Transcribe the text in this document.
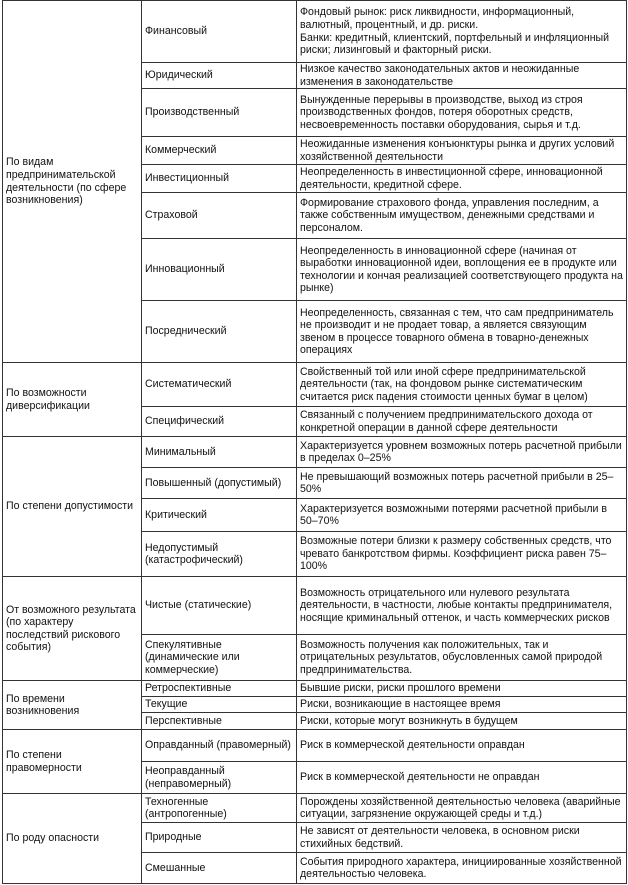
По видам предпринимательской деятельности (по сфере возникновения)	Финансовый	Фондовый рынок: риск ликвидности, информационный, валютный, процентный, и др. риски.
Банки: кредитный, клиентский, портфельный и инфляционный риски; лизинговый и факторный риски.

	Юридический	Низкое качество законодательных актов и неожиданные изменения в законодательстве
	Производственный	Вынужденные перерывы в производстве, выход из строя производственных фондов, потеря оборотных средств, несвоевременность поставки оборудования, сырья и т.д.
	Коммерческий	Неожиданные изменения конъюнктуры рынка и других условий хозяйственной деятельности
	Инвестиционный	Неопределенность в инвестиционной сфере, инновационной деятельности, кредитной сфере.
	Страховой	Формирование страхового фонда, управления последним, а также собственным имуществом, денежными средствами и персоналом.
	Инновационный	Неопределенность в инновационной сфере (начиная от выработки инновационной идеи, воплощения ее в продукте или технологии и кончая реализацией соответствующего продукта на рынке)
	Посреднический	Неопределенность, связанная с тем, что сам предприниматель не производит и не продает товар, а является связующим звеном в процессе товарного обмена в товарно-денежных операциях
По возможности диверсификации	Систематический	Свойственный той или иной сфере предпринимательской деятельности (так, на фондовом рынке систематическим считается риск падения стоимости ценных бумаг в целом)
	Специфический	Связанный с получением предпринимательского дохода от конкретной операции в данной сфере деятельности
По степени допустимости	Минимальный	Характеризуется уровнем возможных потерь расчетной прибыли в пределах 0–25%
	Повышенный (допустимый)	Не превышающий возможных потерь расчетной прибыли в 25–50%
	Критический	Характеризуется возможными потерями расчетной прибыли в 50–70%
	Недопустимый (катастрофический)	Возможные потери близки к размеру собственных средств, что чревато банкротством фирмы. Коэффициент риска равен 75–100%
От возможного результата (по характеру последствий рискового события)	Чистые (статические)	Возможность отрицательного или нулевого результата деятельности, в частности, любые контакты предпринимателя, носящие криминальный оттенок, и часть коммерческих рисков
	Спекулятивные (динамические или коммерческие)	Возможность получения как положительных, так и отрицательных результатов, обусловленных самой природой предпринимательства.
По времени возникновения	Ретроспективные	Бывшие риски, риски прошлого времени
	Текущие	Риски, возникающие в настоящее время
	Перспективные	Риски, которые могут возникнуть в будущем
По степени правомерности	Оправданный (правомерный)	Риск в коммерческой деятельности оправдан
	Неоправданный (неправомерный)	Риск в коммерческой деятельности не оправдан
По роду опасности	Техногенные (антропогенные)	Порождены хозяйственной деятельностью человека (аварийные ситуации, загрязнение окружающей среды и т.д.)
	Природные	Не зависят от деятельности человека, в основном риски стихийных бедствий.
	Смешанные	События природного характера, инициированные хозяйственной деятельностью человека.
